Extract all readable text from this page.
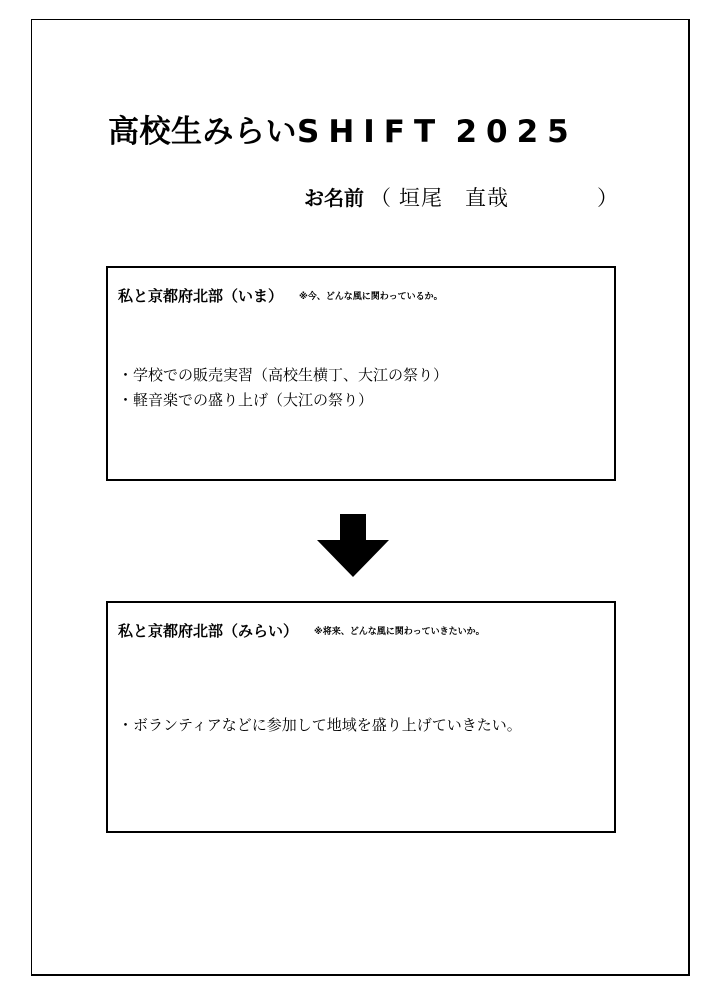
高校生みらいSHIFT 2025
お名前 （ 垣尾　直哉	）
私と京都府北部（いま） ※今、どんな風に関わっているか。
・学校での販売実習（高校生横丁、大江の祭り）
・軽音楽での盛り上げ（大江の祭り）
私と京都府北部（みらい） ※将来、どんな風に関わっていきたいか。
・ボランティアなどに参加して地域を盛り上げていきたい。
